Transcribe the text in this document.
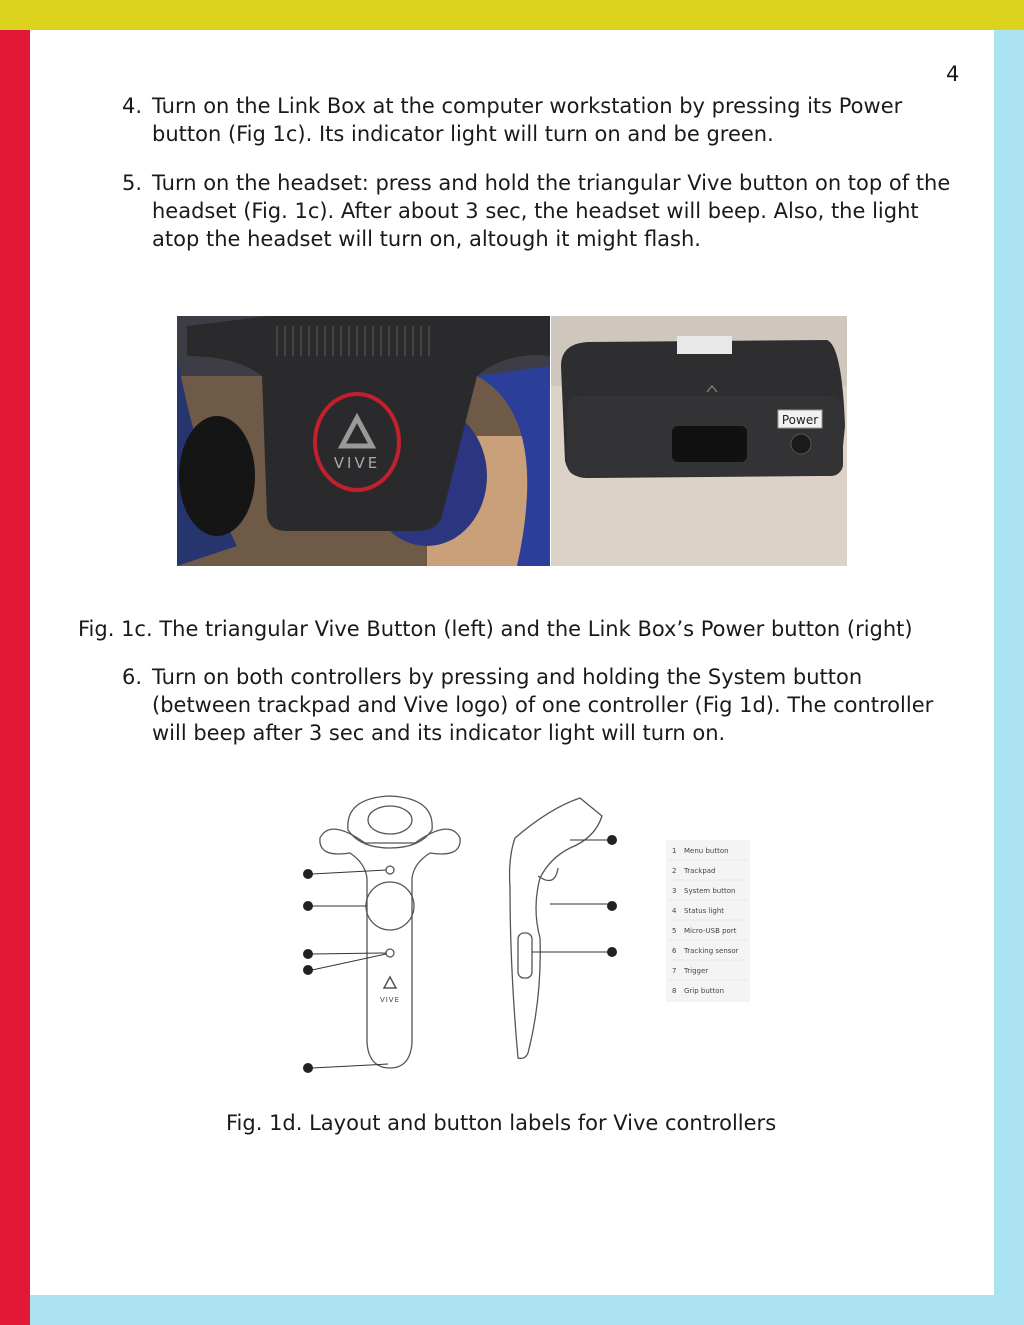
4
4. Turn on the Link Box at the computer workstation by pressing its Power button (Fig 1c). Its indicator light will turn on and be green.
5. Turn on the headset: press and hold the triangular Vive button on top of the headset (Fig. 1c). After about 3 sec, the headset will beep. Also, the light atop the headset will turn on, altough it might flash.
VIVE
Power
Fig. 1c. The triangular Vive Button (left) and the Link Box’s Power button (right)
6. Turn on both controllers by pressing and holding the System button (between trackpad and Vive logo) of one controller (Fig 1d). The controller will beep after 3 sec and its indicator light will turn on.
VIVE
1 Menu button
2 Trackpad
3 System button
4 Status light
5 Micro-USB port
6 Tracking sensor
7 Trigger
8 Grip button
Fig. 1d. Layout and button labels for Vive controllers
